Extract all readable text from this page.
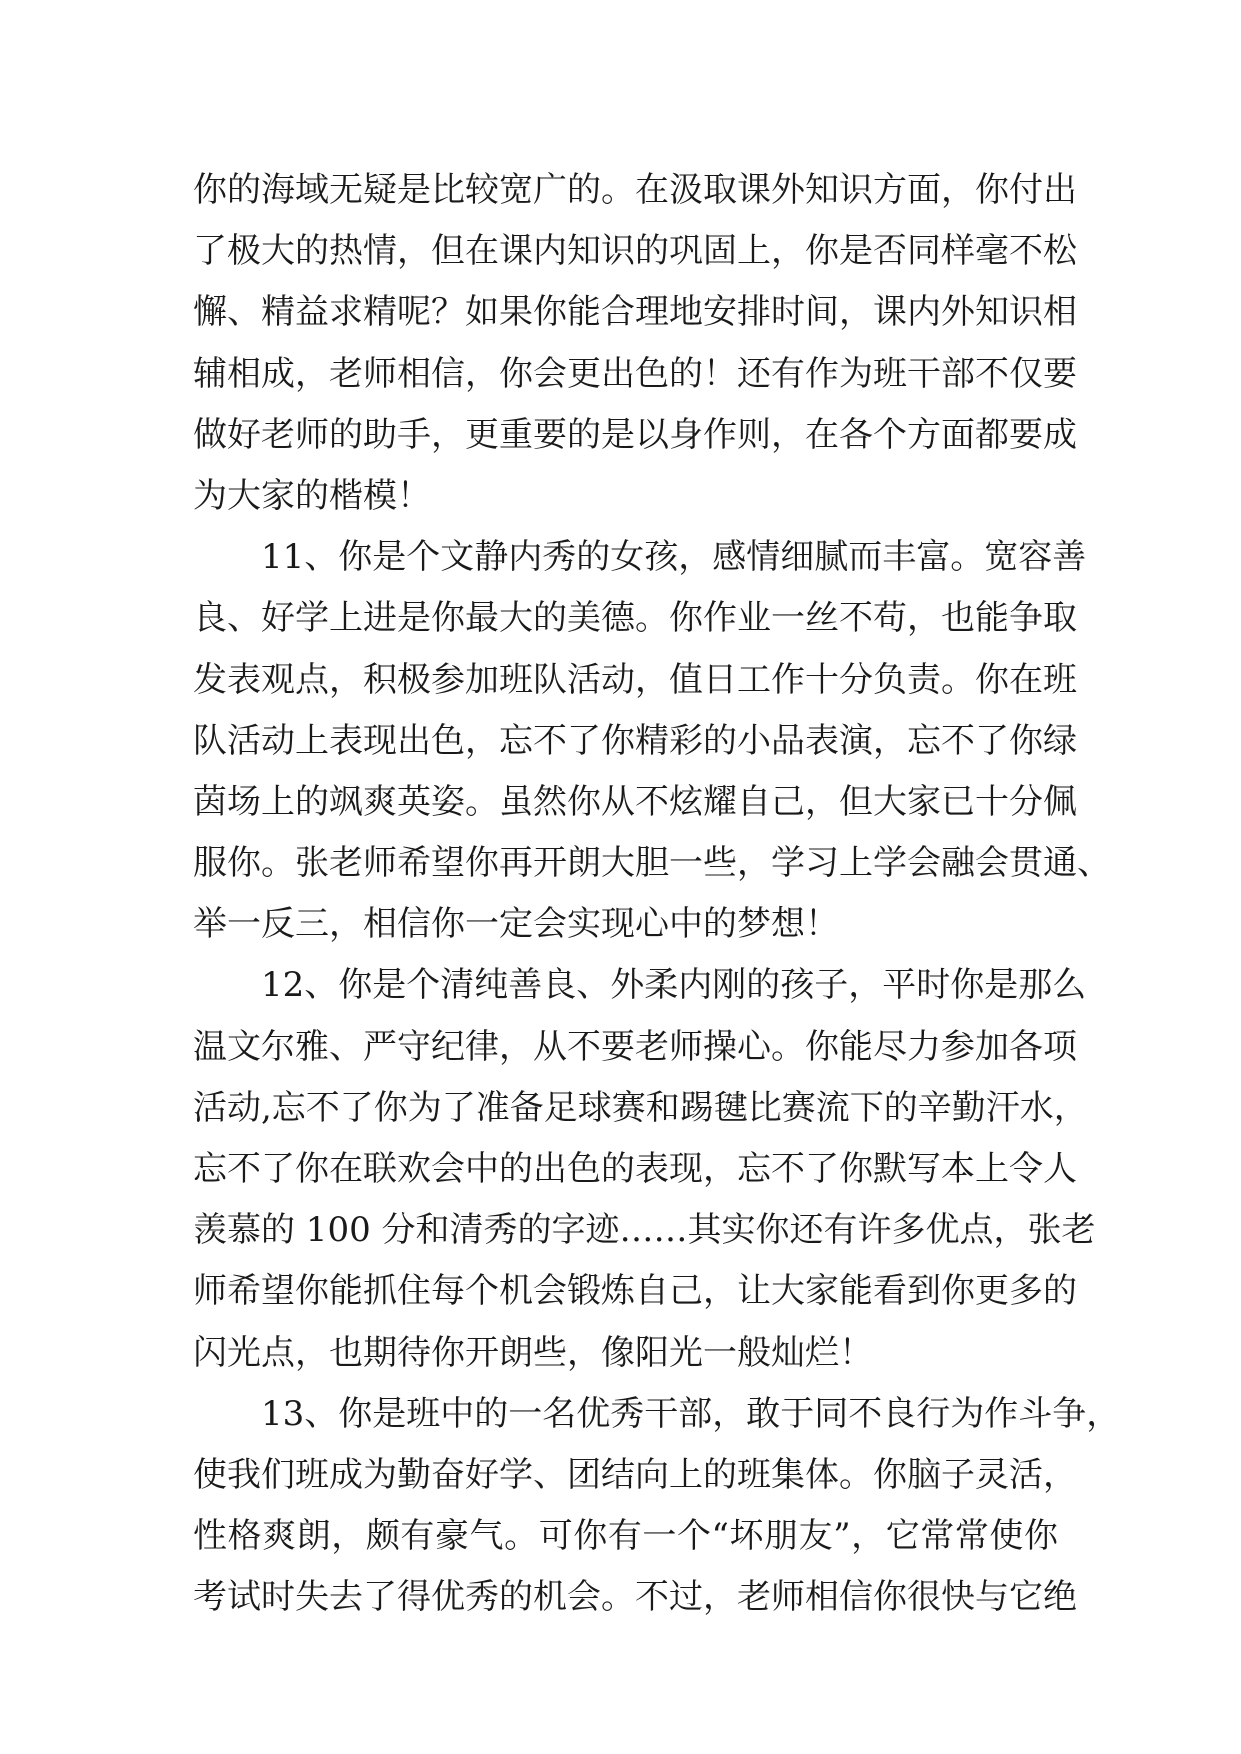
你的海域无疑是比较宽广的。在汲取课外知识方面，你付出
了极大的热情，但在课内知识的巩固上，你是否同样毫不松
懈、精益求精呢？如果你能合理地安排时间，课内外知识相
辅相成，老师相信，你会更出色的！还有作为班干部不仅要
做好老师的助手，更重要的是以身作则，在各个方面都要成
为大家的楷模！
11、你是个文静内秀的女孩，感情细腻而丰富。宽容善
良、好学上进是你最大的美德。你作业一丝不苟，也能争取
发表观点，积极参加班队活动，值日工作十分负责。你在班
队活动上表现出色，忘不了你精彩的小品表演，忘不了你绿
茵场上的飒爽英姿。虽然你从不炫耀自己，但大家已十分佩
服你。张老师希望你再开朗大胆一些，学习上学会融会贯通、
举一反三，相信你一定会实现心中的梦想！
12、你是个清纯善良、外柔内刚的孩子，平时你是那么
温文尔雅、严守纪律，从不要老师操心。你能尽力参加各项
活动,忘不了你为了准备足球赛和踢毽比赛流下的辛勤汗水，
忘不了你在联欢会中的出色的表现，忘不了你默写本上令人
羡慕的 100 分和清秀的字迹……其实你还有许多优点，张老
师希望你能抓住每个机会锻炼自己，让大家能看到你更多的
闪光点，也期待你开朗些，像阳光一般灿烂！
13、你是班中的一名优秀干部，敢于同不良行为作斗争，
使我们班成为勤奋好学、团结向上的班集体。你脑子灵活，
性格爽朗，颇有豪气。可你有一个“坏朋友”，它常常使你
考试时失去了得优秀的机会。不过，老师相信你很快与它绝
